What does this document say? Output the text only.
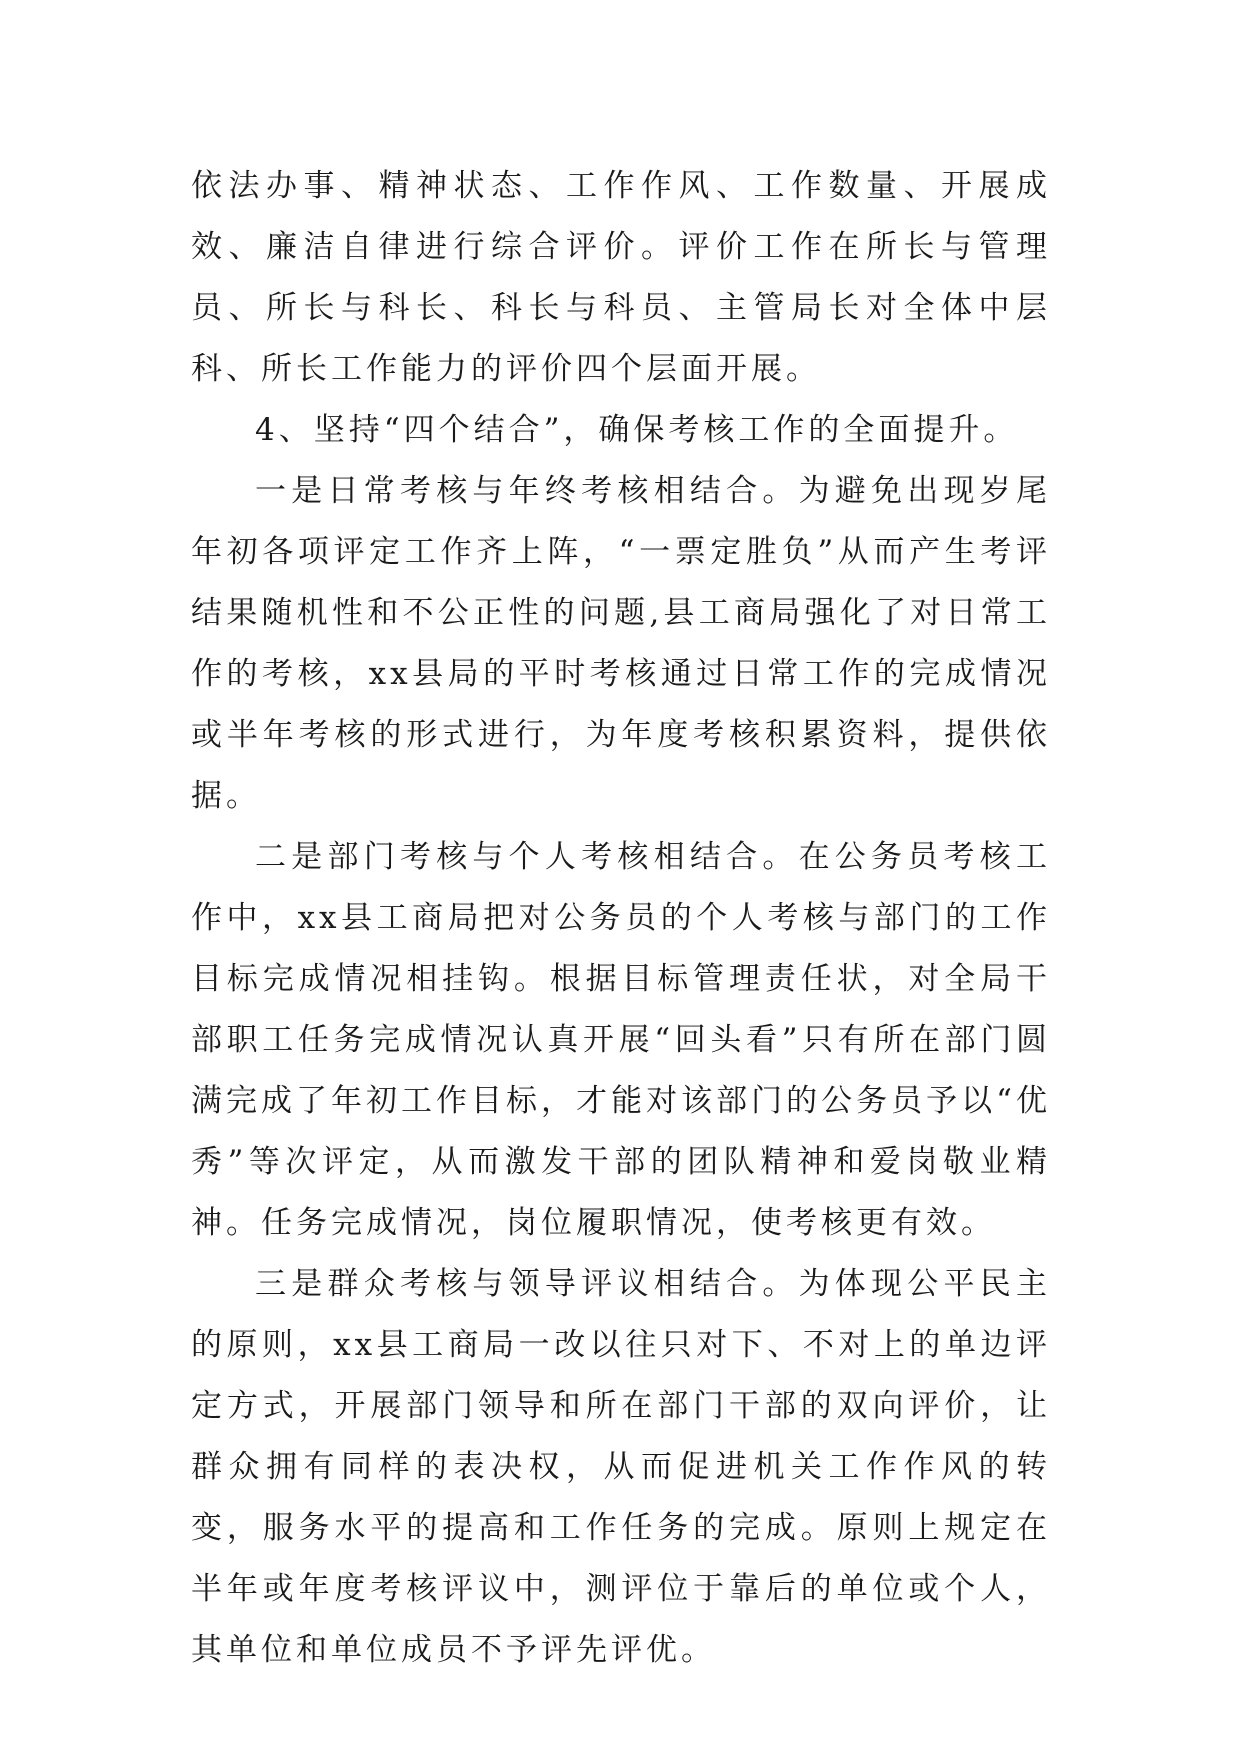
依法办事、精神状态、工作作风、工作数量、开展成效、廉洁自律进行综合评价。评价工作在所长与管理员、所长与科长、科长与科员、主管局长对全体中层科、所长工作能力的评价四个层面开展。

4、坚持“四个结合”，确保考核工作的全面提升。

一是日常考核与年终考核相结合。为避免出现岁尾年初各项评定工作齐上阵，“一票定胜负”从而产生考评结果随机性和不公正性的问题,县工商局强化了对日常工作的考核，xx县局的平时考核通过日常工作的完成情况或半年考核的形式进行，为年度考核积累资料，提供依据。

二是部门考核与个人考核相结合。在公务员考核工作中，xx县工商局把对公务员的个人考核与部门的工作目标完成情况相挂钩。根据目标管理责任状，对全局干部职工任务完成情况认真开展“回头看”只有所在部门圆满完成了年初工作目标，才能对该部门的公务员予以“优秀”等次评定，从而激发干部的团队精神和爱岗敬业精神。任务完成情况，岗位履职情况，使考核更有效。

三是群众考核与领导评议相结合。为体现公平民主的原则，xx县工商局一改以往只对下、不对上的单边评定方式，开展部门领导和所在部门干部的双向评价，让群众拥有同样的表决权，从而促进机关工作作风的转变，服务水平的提高和工作任务的完成。原则上规定在半年或年度考核评议中，测评位于靠后的单位或个人，其单位和单位成员不予评先评优。
